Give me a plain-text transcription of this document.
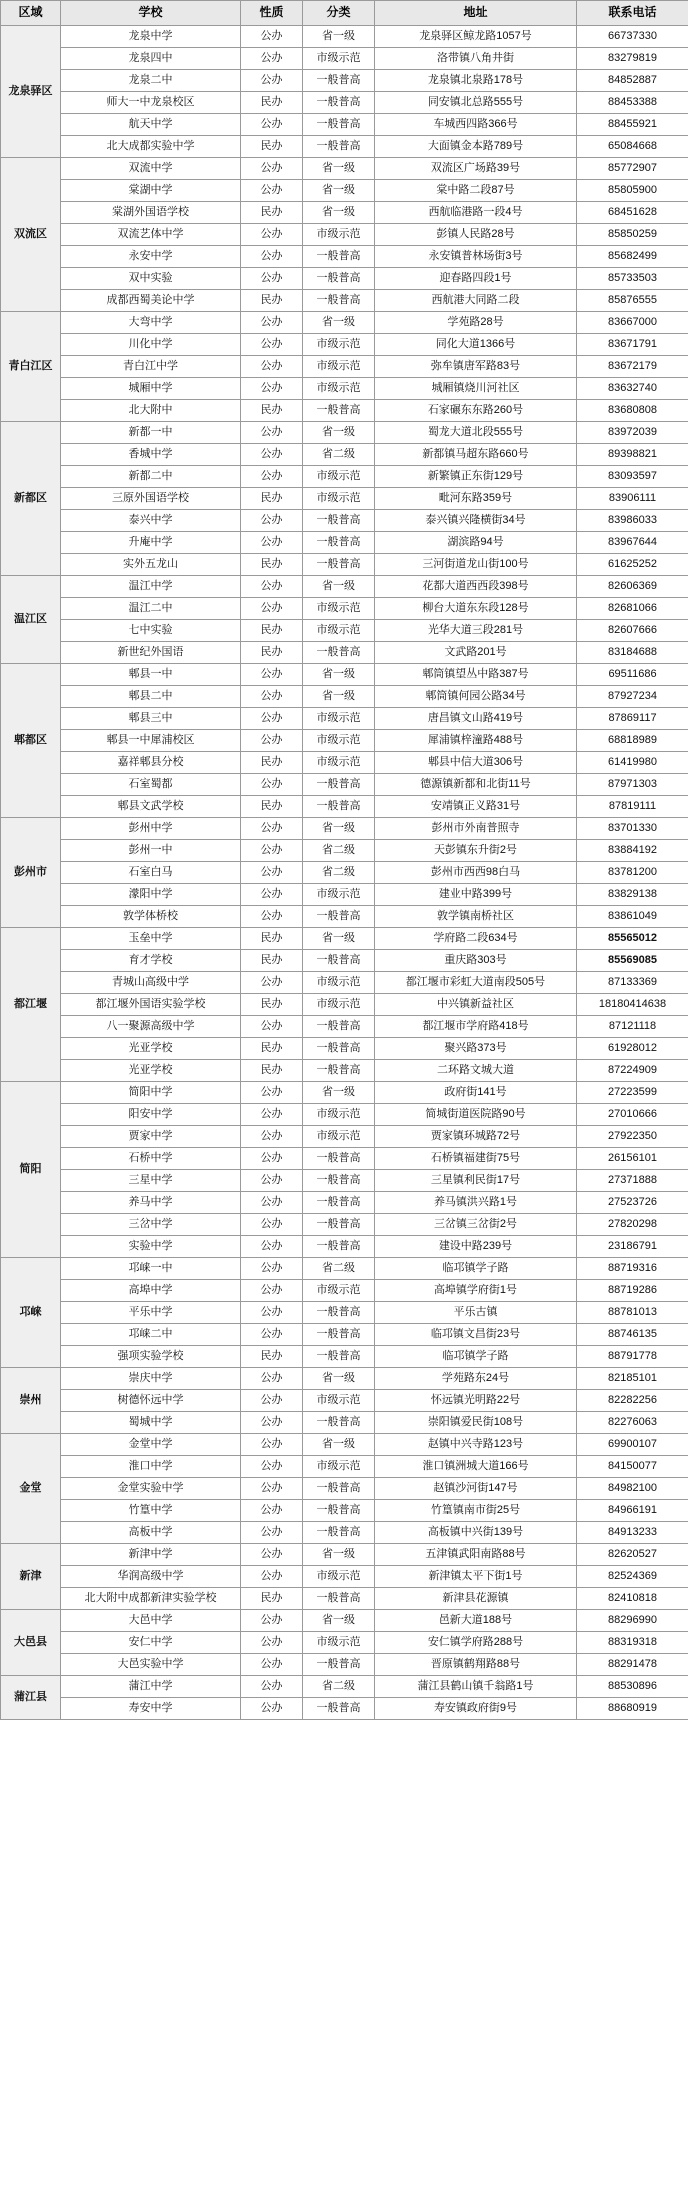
区域	学校	性质	分类	地址	联系电话
龙泉驿区	龙泉中学	公办	省一级	龙泉驿区鲸龙路1057号	66737330
	龙泉四中	公办	市级示范	洛带镇八角井街	83279819
	龙泉二中	公办	一般普高	龙泉镇北泉路178号	84852887
	师大一中龙泉校区	民办	一般普高	同安镇北总路555号	88453388
	航天中学	公办	一般普高	车城西四路366号	88455921
	北大成都实验中学	民办	一般普高	大面镇金本路789号	65084668
双流区	双流中学	公办	省一级	双流区广场路39号	85772907
	棠湖中学	公办	省一级	棠中路二段87号	85805900
	棠湖外国语学校	民办	省一级	西航临港路一段4号	68451628
	双流艺体中学	公办	市级示范	彭镇人民路28号	85850259
	永安中学	公办	一般普高	永安镇普林场街3号	85682499
	双中实验	公办	一般普高	迎春路四段1号	85733503
	成都西蜀美论中学	民办	一般普高	西航港大同路二段	85876555
青白江区	大弯中学	公办	省一级	学苑路28号	83667000
	川化中学	公办	市级示范	同化大道1366号	83671791
	青白江中学	公办	市级示范	弥牟镇唐军路83号	83672179
	城厢中学	公办	市级示范	城厢镇烧川河社区	83632740
	北大附中	民办	一般普高	石家碾东东路260号	83680808
新都区	新都一中	公办	省一级	蜀龙大道北段555号	83972039
	香城中学	公办	省二级	新都镇马超东路660号	89398821
	新都二中	公办	市级示范	新繁镇正东街129号	83093597
	三原外国语学校	民办	市级示范	毗河东路359号	83906111
	泰兴中学	公办	一般普高	泰兴镇兴隆横街34号	83986033
	升庵中学	公办	一般普高	湖滨路94号	83967644
	实外五龙山	民办	一般普高	三河街道龙山街100号	61625252
温江区	温江中学	公办	省一级	花都大道西西段398号	82606369
	温江二中	公办	市级示范	柳台大道东东段128号	82681066
	七中实验	民办	市级示范	光华大道三段281号	82607666
	新世纪外国语	民办	一般普高	文武路201号	83184688
郫都区	郫县一中	公办	省一级	郫筒镇望丛中路387号	69511686
	郫县二中	公办	省一级	郫筒镇何园公路34号	87927234
	郫县三中	公办	市级示范	唐昌镇文山路419号	87869117
	郫县一中犀浦校区	公办	市级示范	犀浦镇梓潼路488号	68818989
	嘉祥郫县分校	民办	市级示范	郫县中信大道306号	61419980
	石室蜀都	公办	一般普高	德源镇新都和北街11号	87971303
	郫县文武学校	民办	一般普高	安靖镇正义路31号	87819111
彭州市	彭州中学	公办	省一级	彭州市外南普照寺	83701330
	彭州一中	公办	省二级	天彭镇东升街2号	83884192
	石室白马	公办	省二级	彭州市西西98白马	83781200
	濛阳中学	公办	市级示范	建业中路399号	83829138
	敦学体桥校	公办	一般普高	敦学镇南桥社区	83861049
都江堰	玉垒中学	民办	省一级	学府路二段634号	85565012
	育才学校	民办	一般普高	重庆路303号	85569085
	青城山高级中学	公办	市级示范	都江堰市彩虹大道南段505号	87133369
	都江堰外国语实验学校	民办	市级示范	中兴镇新益社区	18180414638
	八一聚源高级中学	公办	一般普高	都江堰市学府路418号	87121118
	光亚学校	民办	一般普高	聚兴路373号	61928012
	光亚学校	民办	一般普高	二环路文城大道	87224909
简阳	简阳中学	公办	省一级	政府街141号	27223599
	阳安中学	公办	市级示范	简城街道医院路90号	27010666
	贾家中学	公办	市级示范	贾家镇环城路72号	27922350
	石桥中学	公办	一般普高	石桥镇福建街75号	26156101
	三星中学	公办	一般普高	三星镇利民街17号	27371888
	养马中学	公办	一般普高	养马镇洪兴路1号	27523726
	三岔中学	公办	一般普高	三岔镇三岔街2号	27820298
	实验中学	公办	一般普高	建设中路239号	23186791
邛崃	邛崃一中	公办	省二级	临邛镇学子路	88719316
	高埠中学	公办	市级示范	高埠镇学府街1号	88719286
	平乐中学	公办	一般普高	平乐古镇	88781013
	邛崃二中	公办	一般普高	临邛镇文昌街23号	88746135
	强项实验学校	民办	一般普高	临邛镇学子路	88791778
崇州	崇庆中学	公办	省一级	学苑路东24号	82185101
	树德怀远中学	公办	市级示范	怀远镇光明路22号	82282256
	蜀城中学	公办	一般普高	崇阳镇爱民街108号	82276063
金堂	金堂中学	公办	省一级	赵镇中兴寺路123号	69900107
	淮口中学	公办	市级示范	淮口镇洲城大道166号	84150077
	金堂实验中学	公办	一般普高	赵镇沙河街147号	84982100
	竹篁中学	公办	一般普高	竹篁镇南市街25号	84966191
	高板中学	公办	一般普高	高板镇中兴街139号	84913233
新津	新津中学	公办	省一级	五津镇武阳南路88号	82620527
	华润高级中学	公办	市级示范	新津镇太平下街1号	82524369
	北大附中成都新津实验学校	民办	一般普高	新津县花源镇	82410818
大邑县	大邑中学	公办	省一级	邑新大道188号	88296990
	安仁中学	公办	市级示范	安仁镇学府路288号	88319318
	大邑实验中学	公办	一般普高	晋原镇鹤翔路88号	88291478
蒲江县	蒲江中学	公办	省二级	蒲江县鹤山镇千翁路1号	88530896
	寿安中学	公办	一般普高	寿安镇政府街9号	88680919
